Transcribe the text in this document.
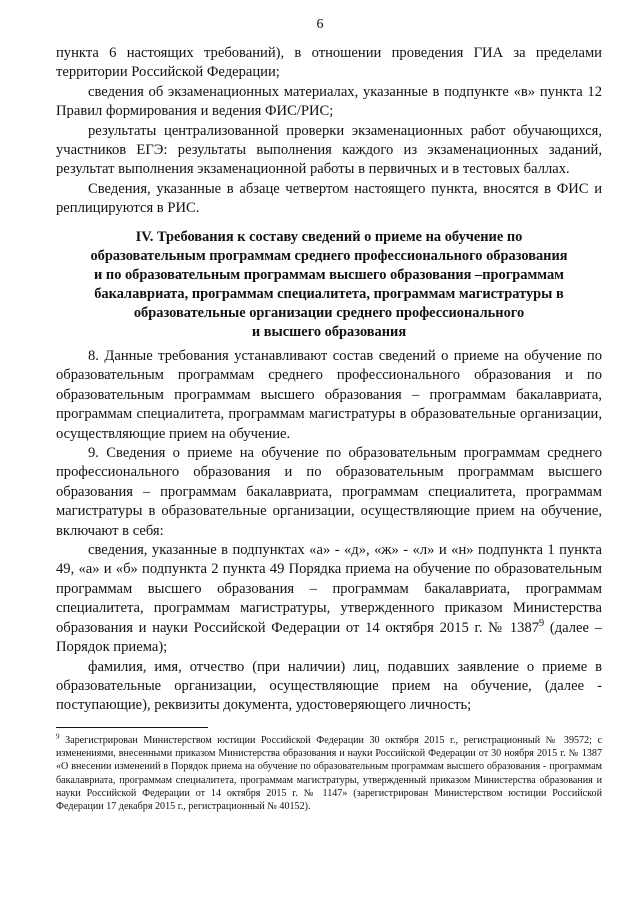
6

пункта 6 настоящих требований), в отношении проведения ГИА за пределами территории Российской Федерации;

сведения об экзаменационных материалах, указанные в подпункте «в» пункта 12 Правил формирования и ведения ФИС/РИС;

результаты централизованной проверки экзаменационных работ обучающихся, участников ЕГЭ: результаты выполнения каждого из экзаменационных заданий, результат выполнения экзаменационной работы в первичных и в тестовых баллах.

Сведения, указанные в абзаце четвертом настоящего пункта, вносятся в ФИС и реплицируются в РИС.

IV. Требования к составу сведений о приеме на обучение по
образовательным программам среднего профессионального образования
и по образовательным программам высшего образования –программам
бакалавриата, программам специалитета, программам магистратуры в
образовательные организации среднего профессионального
и высшего образования

8. Данные требования устанавливают состав сведений о приеме на обучение по образовательным программам среднего профессионального образования и по образовательным программам высшего образования – программам бакалавриата, программам специалитета, программам магистратуры в образовательные организации, осуществляющие прием на обучение.

9. Сведения о приеме на обучение по образовательным программам среднего профессионального образования и по образовательным программам высшего образования – программам бакалавриата, программам специалитета, программам магистратуры в образовательные организации, осуществляющие прием на обучение, включают в себя:

сведения, указанные в подпунктах «а» - «д», «ж» - «л» и «н» подпункта 1 пункта 49, «а» и «б» подпункта 2 пункта 49 Порядка приема на обучение по образовательным программам высшего образования – программам бакалавриата, программам специалитета, программам магистратуры, утвержденного приказом Министерства образования и науки Российской Федерации от 14 октября 2015 г. № 1387$^9$ (далее – Порядок приема);

фамилия, имя, отчество (при наличии) лиц, подавших заявление о приеме в образовательные организации, осуществляющие прием на обучение, (далее - поступающие), реквизиты документа, удостоверяющего личность;

$^9$ Зарегистрирован Министерством юстиции Российской Федерации 30 октября 2015 г., регистрационный № 39572; с изменениями, внесенными приказом Министерства образования и науки Российской Федерации от 30 ноября 2015 г. № 1387 «О внесении изменений в Порядок приема на обучение по образовательным программам высшего образования - программам бакалавриата, программам специалитета, программам магистратуры, утвержденный приказом Министерства образования и науки Российской Федерации от 14 октября 2015 г. № 1147» (зарегистрирован Министерством юстиции Российской Федерации 17 декабря 2015 г., регистрационный № 40152).
